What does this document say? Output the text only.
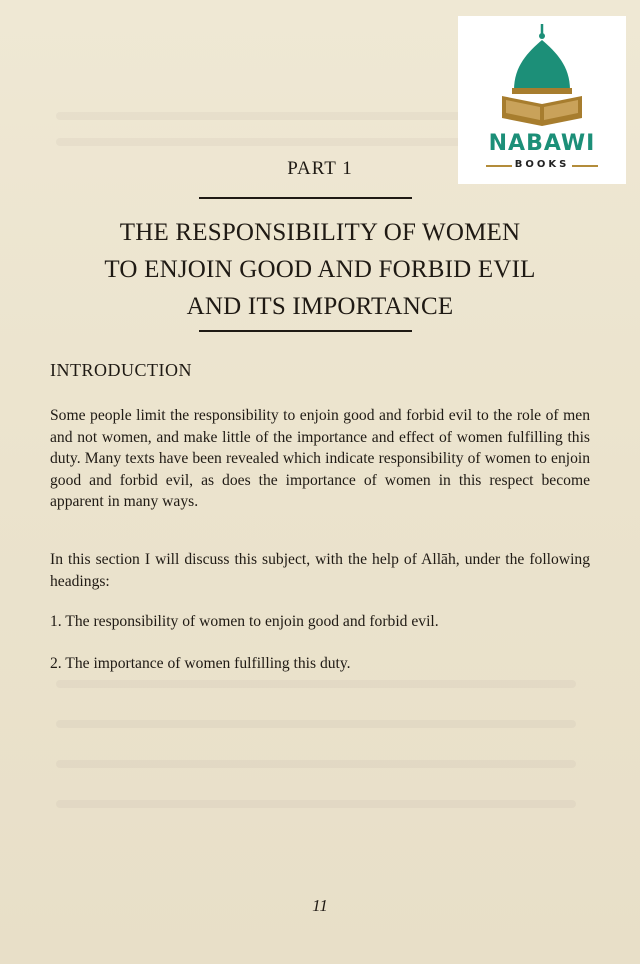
PART 1
THE RESPONSIBILITY OF WOMEN
TO ENJOIN GOOD AND FORBID EVIL
AND ITS IMPORTANCE
INTRODUCTION
Some people limit the responsibility to enjoin good and forbid evil to the role of men and not women, and make little of the importance and effect of women fulfilling this duty. Many texts have been revealed which indicate responsibility of women to enjoin good and forbid evil, as does the importance of women in this respect become apparent in many ways.
In this section I will discuss this subject, with the help of Allāh, under the following headings:
1. The responsibility of women to enjoin good and forbid evil.
2. The importance of women fulfilling this duty.
11
NABAWI
BOOKS
